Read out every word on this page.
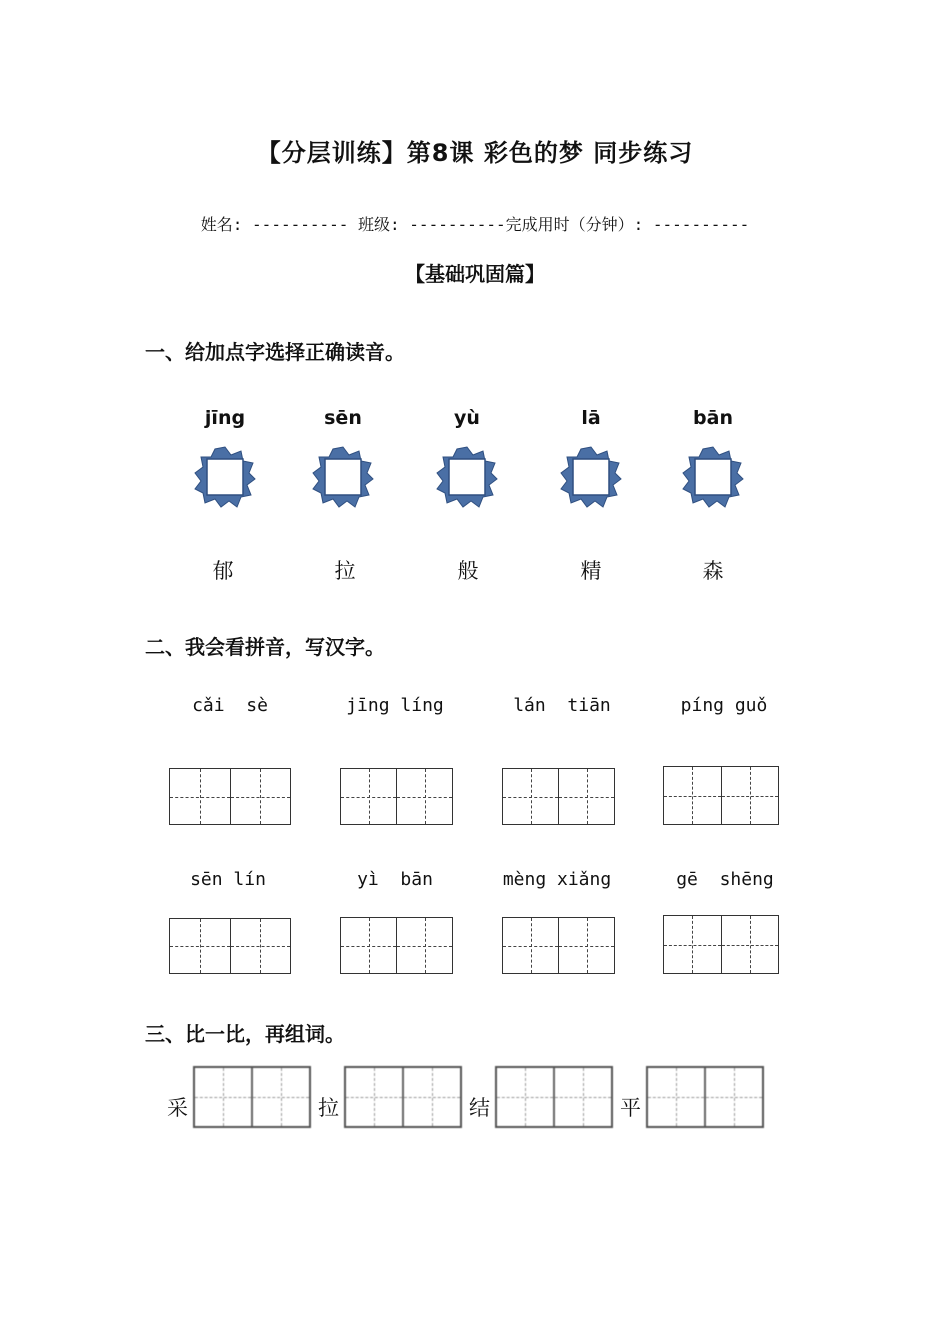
【分层训练】第8课 彩色的梦 同步练习
姓名: ---------- 班级: ----------完成用时（分钟）: ----------
【基础巩固篇】
一、给加点字选择正确读音。
jīng	sēn	yù	lā	bān
郁	拉	般	精	森
二、我会看拼音，写汉字。
cǎi  sè	jīng líng	lán  tiān	píng guǒ
sēn lín	yì  bān	mèng xiǎng	gē  shēng
三、比一比，再组词。
采	拉	结	平
